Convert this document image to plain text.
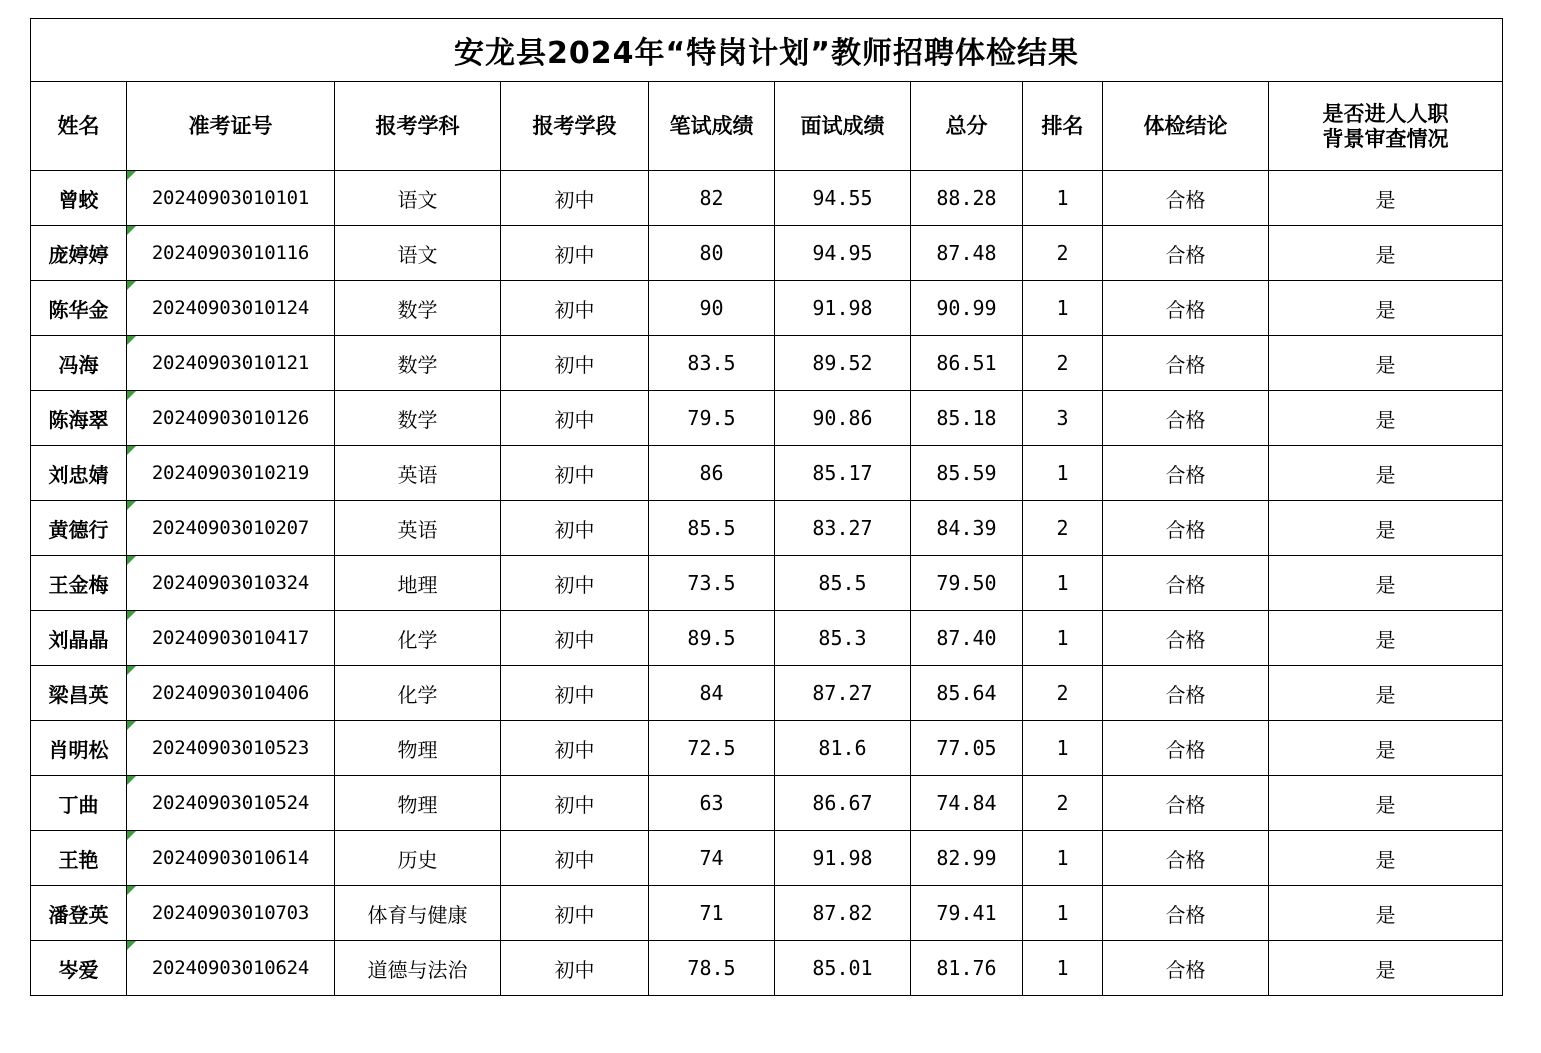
安龙县2024年“特岗计划”教师招聘体检结果									
姓名	准考证号	报考学科	报考学段	笔试成绩	面试成绩	总分	排名	体检结论	是否进人人职
背景审查情况

曾蛟	20240903010101	语文	初中	82	94.55	88.28	1	合格	是
庞婷婷	20240903010116	语文	初中	80	94.95	87.48	2	合格	是
陈华金	20240903010124	数学	初中	90	91.98	90.99	1	合格	是
冯海	20240903010121	数学	初中	83.5	89.52	86.51	2	合格	是
陈海翠	20240903010126	数学	初中	79.5	90.86	85.18	3	合格	是
刘忠婧	20240903010219	英语	初中	86	85.17	85.59	1	合格	是
黄德行	20240903010207	英语	初中	85.5	83.27	84.39	2	合格	是
王金梅	20240903010324	地理	初中	73.5	85.5	79.50	1	合格	是
刘晶晶	20240903010417	化学	初中	89.5	85.3	87.40	1	合格	是
梁昌英	20240903010406	化学	初中	84	87.27	85.64	2	合格	是
肖明松	20240903010523	物理	初中	72.5	81.6	77.05	1	合格	是
丁曲	20240903010524	物理	初中	63	86.67	74.84	2	合格	是
王艳	20240903010614	历史	初中	74	91.98	82.99	1	合格	是
潘登英	20240903010703	体育与健康	初中	71	87.82	79.41	1	合格	是
岑爱	20240903010624	道德与法治	初中	78.5	85.01	81.76	1	合格	是
